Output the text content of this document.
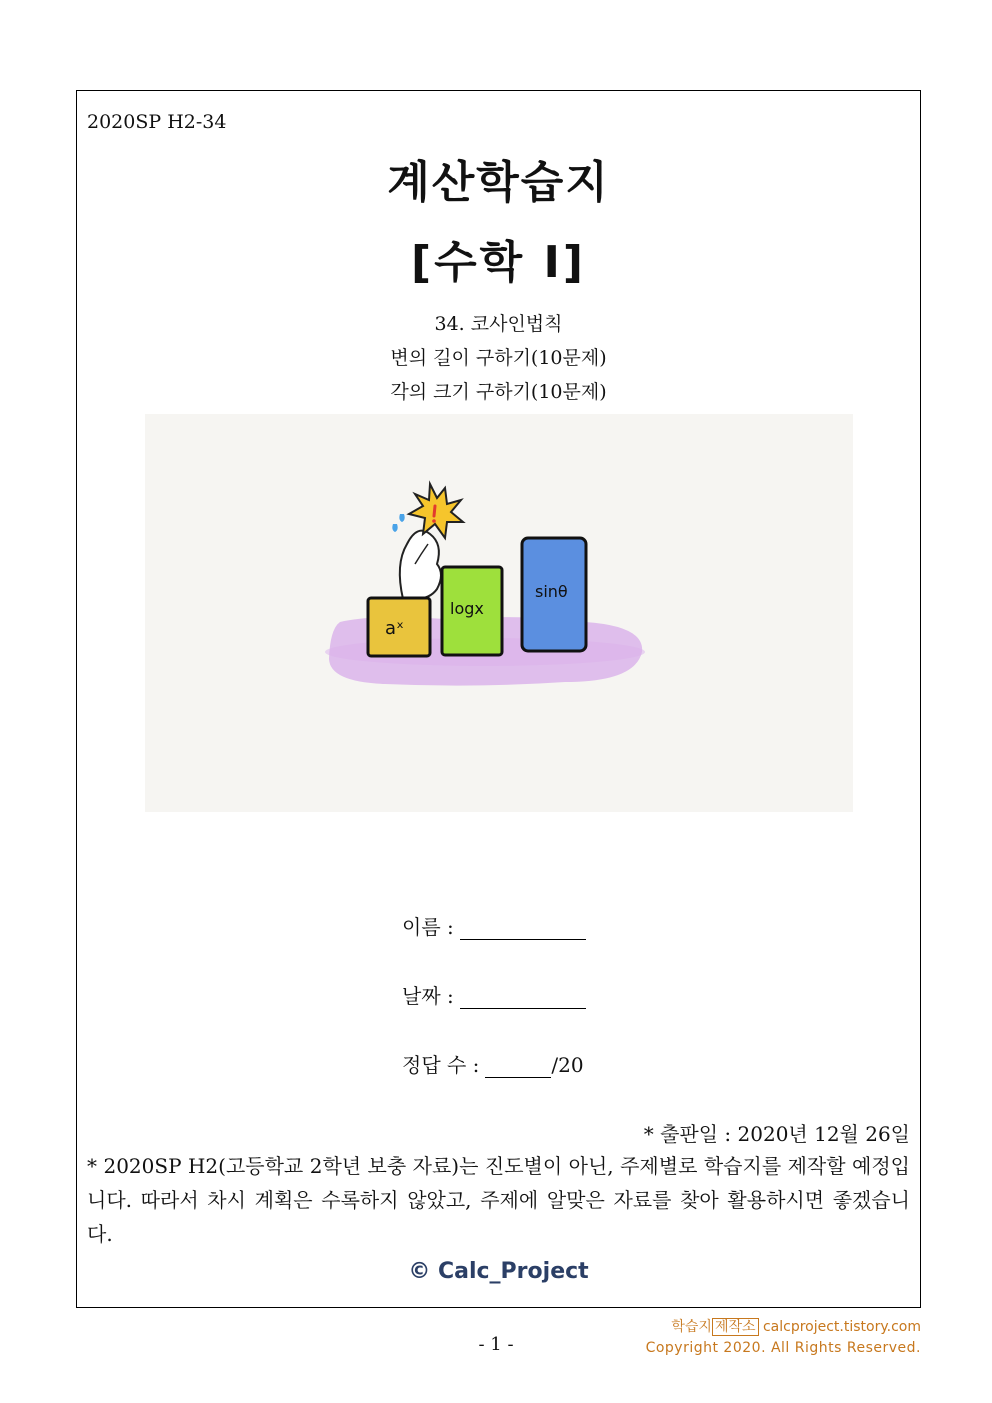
2020SP H2-34
계산학습지
[수학 I]
34. 코사인법칙
변의 길이 구하기(10문제)
각의 크기 구하기(10문제)
aˣ
logx
sinθ
이름 :
날짜 :
정답 수 :	/20
* 출판일 : 2020년 12월 26일
* 2020SP H2(고등학교 2학년 보충 자료)는 진도별이 아닌, 주제별로 학습지를 제작할 예정입니다. 따라서 차시 계획은 수록하지 않았고, 주제에 알맞은 자료를 찾아 활용하시면 좋겠습니다.
© Calc_Project
학습지 제작소 calcproject.tistory.com
Copyright 2020. All Rights Reserved.
- 1 -
